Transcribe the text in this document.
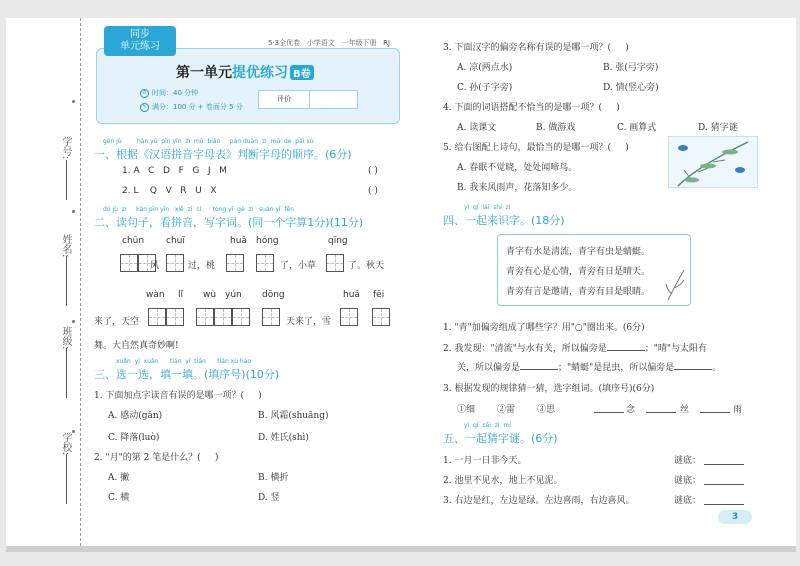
学号:
姓名:
班级:
学校:
同步
单元练习	5·3全优卷   小学语文   一年级下册   RJ
第一单元提优练习 B卷
⏱ 时间：40 分钟
✎ 满分：100 分 + 卷面分 5 分
评价
gēn jù        hàn yǔ  pīn yīn  zì  mǔ  biǎo     pàn duàn  zì  mǔ  de  pái xù
一、根据《汉语拼音字母表》判断字母的顺序。(6分)
1. A   C   D   F   G   J   M	( )
2. L    Q   V   R   U   X	( )
dú jù  zi     kàn pīn yīn   xiě  zì  cí      tóng yī  gè  zì   suàn yī  fēn
二、读句子，看拼音，写字词。(同一个字算1分)(11分)
chūn chuī	huā hóng	qīng
风	过，桃	了，小草	了。秋天
wàn lǐ wù yún dōng	huā fēi
来了，天空	天来了，雪
舞。大自然真奇妙啊!
xuǎn  yī  xuǎn      tián  yī  tián      tián xù hào
三、选一选，填一填。(填序号)(10分)
1. 下面加点字读音有误的是哪一项？(     )
A. 感动(gǎn)	B. 风霜(shuāng)
C. 降落(luò)	D. 姓氏(shì)
2. "月"的第 2 笔是什么？(     )
A. 撇	B. 横折
C. 横	D. 竖
3. 下面汉字的偏旁名称有误的是哪一项？(     )
A. 凉(两点水)	B. 张(弓字旁)
C. 孙(子字旁)	D. 情(竖心旁)
4. 下面的词语搭配不恰当的是哪一项？(     )
A. 读课文	B. 做游戏	C. 画算式	D. 猜字谜
5. 给右图配上诗句，最恰当的是哪一项？(     )
A. 春眠不觉晓，处处闻啼鸟。
B. 我来风雨声，花落知多少。
yì  qǐ  lái  shí  zì
四、一起来识字。(18分)
青字有水是清流，青字有虫是蜻蜓。
青旁有心是心情，青旁有日是晴天。
青旁有言是邀请，青旁有目是眼睛。
1. "青"加偏旁组成了哪些字？用"○"圈出来。(6分)
2. 我发现："清流"与水有关，所以偏旁是	；"晴"与太阳有
关，所以偏旁是	；"蜻蜓"是昆虫，所以偏旁是	。
3. 根据发现的规律猜一猜，选字组词。(填序号)(6分)
①细 ②雷 ③思	念	丝	雨
yì  qǐ  cāi  zì  mí
五、一起猜字谜。(6分)
1. 一月一日非今天。	谜底：
2. 池里不见水，地上不见泥。	谜底：
3. 右边是红，左边是绿。左边喜雨，右边喜风。	谜底：
3
